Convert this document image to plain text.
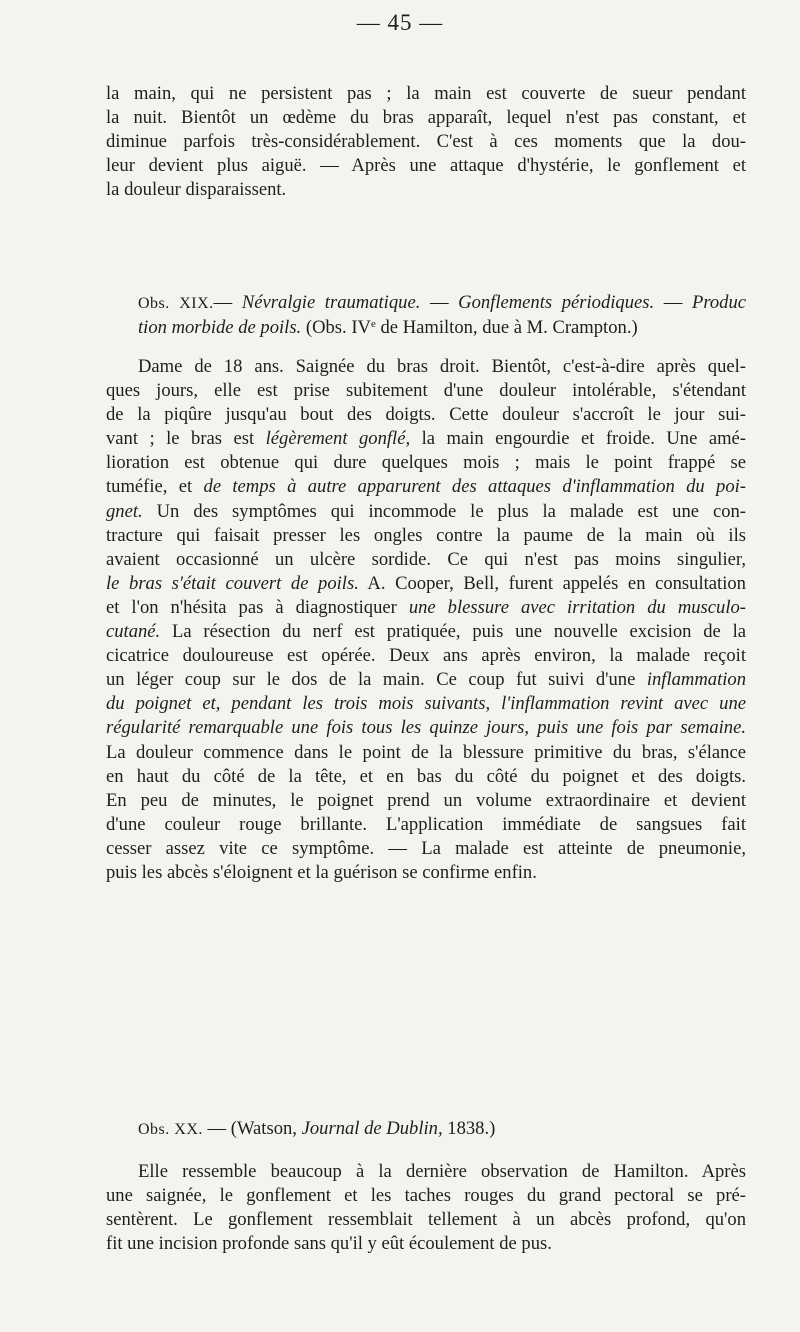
— 45 —
la main, qui ne persistent pas ; la main est couverte de sueur pendant
la nuit. Bientôt un œdème du bras apparaît, lequel n'est pas constant, et
diminue parfois très-considérablement. C'est à ces moments que la dou-
leur devient plus aiguë. — Après une attaque d'hystérie, le gonflement et
la douleur disparaissent.
Obs. XIX.— Névralgie traumatique. — Gonflements périodiques. — Produc
tion morbide de poils. (Obs. IVe de Hamilton, due à M. Crampton.)
Dame de 18 ans. Saignée du bras droit. Bientôt, c'est-à-dire après quel-
ques jours, elle est prise subitement d'une douleur intolérable, s'étendant
de la piqûre jusqu'au bout des doigts. Cette douleur s'accroît le jour sui-
vant ; le bras est légèrement gonflé, la main engourdie et froide. Une amé-
lioration est obtenue qui dure quelques mois ; mais le point frappé se
tuméfie, et de temps à autre apparurent des attaques d'inflammation du poi-
gnet. Un des symptômes qui incommode le plus la malade est une con-
tracture qui faisait presser les ongles contre la paume de la main où ils
avaient occasionné un ulcère sordide. Ce qui n'est pas moins singulier,
le bras s'était couvert de poils. A. Cooper, Bell, furent appelés en consultation
et l'on n'hésita pas à diagnostiquer une blessure avec irritation du musculo-
cutané. La résection du nerf est pratiquée, puis une nouvelle excision de la
cicatrice douloureuse est opérée. Deux ans après environ, la malade reçoit
un léger coup sur le dos de la main. Ce coup fut suivi d'une inflammation
du poignet et, pendant les trois mois suivants, l'inflammation revint avec une
régularité remarquable une fois tous les quinze jours, puis une fois par semaine.
La douleur commence dans le point de la blessure primitive du bras, s'élance
en haut du côté de la tête, et en bas du côté du poignet et des doigts.
En peu de minutes, le poignet prend un volume extraordinaire et devient
d'une couleur rouge brillante. L'application immédiate de sangsues fait
cesser assez vite ce symptôme. — La malade est atteinte de pneumonie,
puis les abcès s'éloignent et la guérison se confirme enfin.
Obs. XX. — (Watson, Journal de Dublin, 1838.)
Elle ressemble beaucoup à la dernière observation de Hamilton. Après
une saignée, le gonflement et les taches rouges du grand pectoral se pré-
sentèrent. Le gonflement ressemblait tellement à un abcès profond, qu'on
fit une incision profonde sans qu'il y eût écoulement de pus.
